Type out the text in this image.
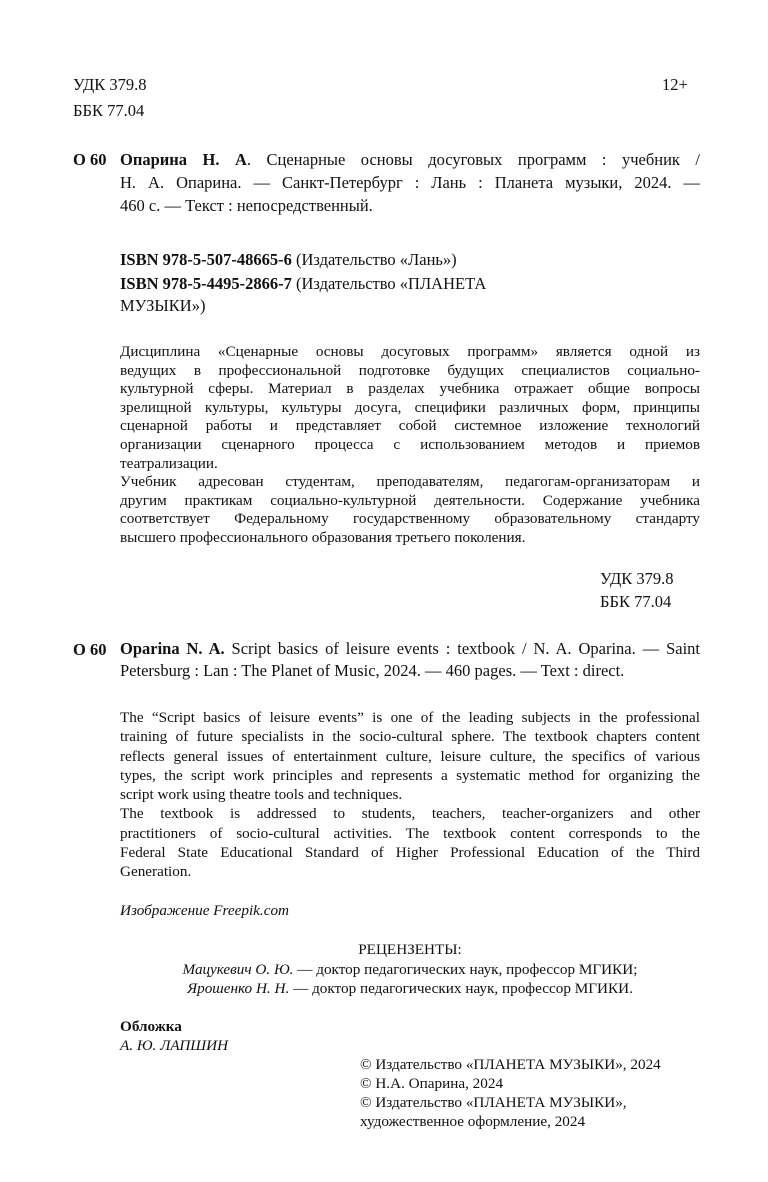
УДК 379.8
ББК 77.04
12+
О 60 Опарина Н. А. Сценарные основы досуговых программ : учебник /
Н. А. Опарина. — Санкт-Петербург : Лань : Планета музыки, 2024. —
460 с. — Текст : непосредственный.
ISBN 978-5-507-48665-6 (Издательство «Лань»)
ISBN 978-5-4495-2866-7 (Издательство «ПЛАНЕТА
МУЗЫКИ»)
Дисциплина «Сценарные основы досуговых программ» является одной из
ведущих в профессиональной подготовке будущих специалистов социально-
культурной сферы. Материал в разделах учебника отражает общие вопросы
зрелищной культуры, культуры досуга, специфики различных форм, принципы
сценарной работы и представляет собой системное изложение технологий
организации сценарного процесса с использованием методов и приемов
театрализации.
Учебник адресован студентам, преподавателям, педагогам-организаторам и
другим практикам социально-культурной деятельности. Содержание учебника
соответствует Федеральному государственному образовательному стандарту
высшего профессионального образования третьего поколения.
УДК 379.8
ББК 77.04
О 60 Oparina N. A. Script basics of leisure events : textbook / N. A. Oparina. — Saint
Petersburg : Lan : The Planet of Music, 2024. — 460 pages. — Text : direct.
The “Script basics of leisure events” is one of the leading subjects in the professional
training of future specialists in the socio-cultural sphere. The textbook chapters content
reflects general issues of entertainment culture, leisure culture, the specifics of various
types, the script work principles and represents a systematic method for organizing the
script work using theatre tools and techniques.
The textbook is addressed to students, teachers, teacher-organizers and other
practitioners of socio-cultural activities. The textbook content corresponds to the
Federal State Educational Standard of Higher Professional Education of the Third
Generation.
Изображение Freepik.com
РЕЦЕНЗЕНТЫ:
Мацукевич О. Ю. — доктор педагогических наук, профессор МГИКИ;
Ярошенко Н. Н. — доктор педагогических наук, профессор МГИКИ.
Обложка
А. Ю. ЛАПШИН
© Издательство «ПЛАНЕТА МУЗЫКИ», 2024
© Н.А. Опарина, 2024
© Издательство «ПЛАНЕТА МУЗЫКИ»,
художественное оформление, 2024
